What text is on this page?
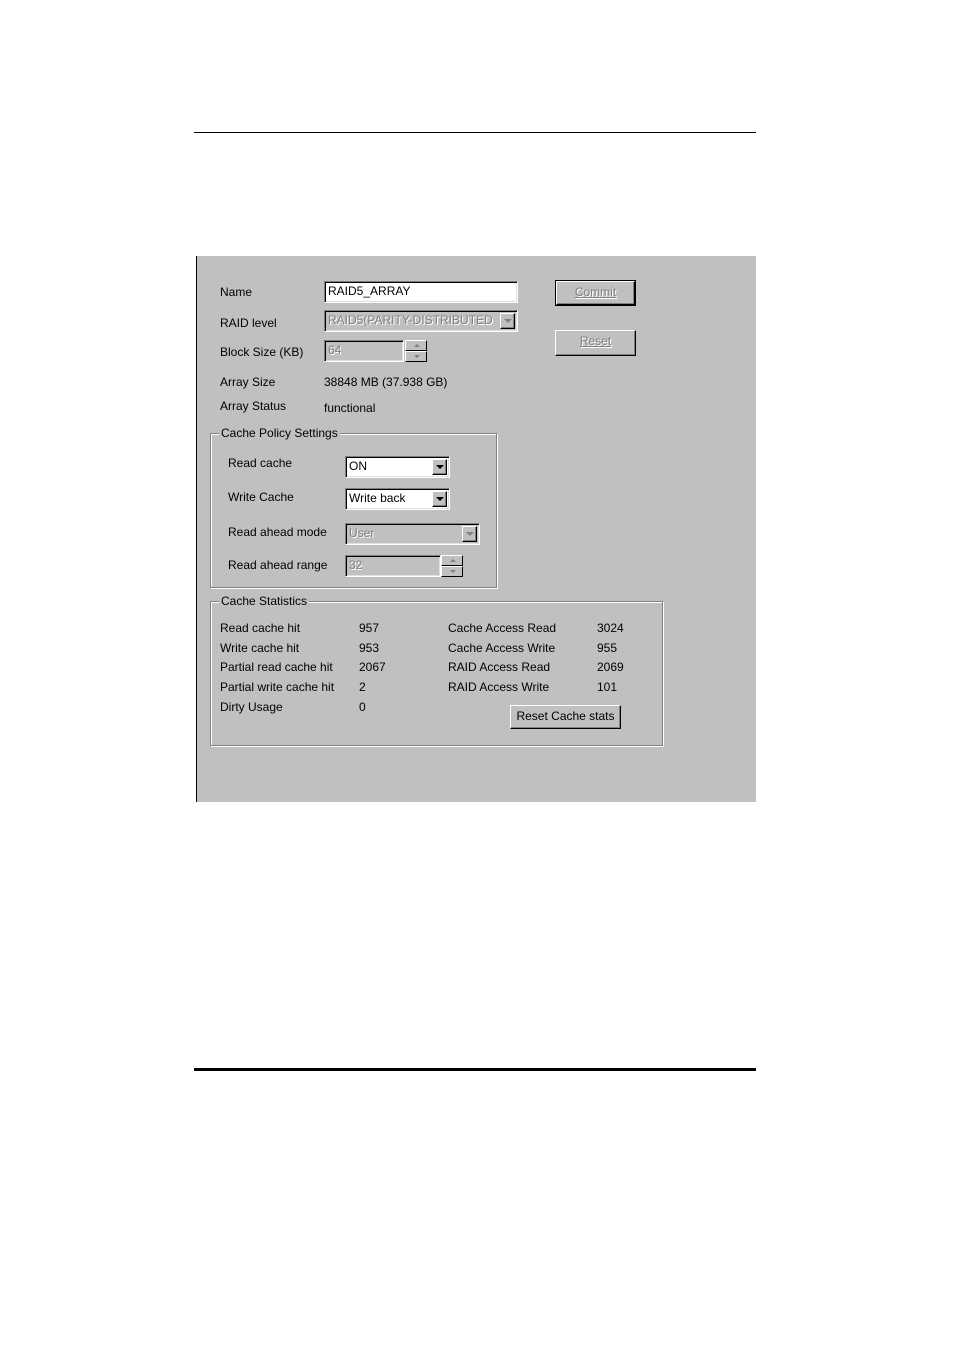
Name	RAID5_ARRAY
RAID level	RAID5(PARITY-DISTRIBUTED
Block Size (KB) 64
Array Size	38848 MB (37.938 GB)
Array Status	functional
Commit
Reset
Cache Policy Settings
Read cache	ON
Write Cache	Write back
Read ahead mode User
Read ahead range 32
Cache Statistics
Read cache hit	957
Write cache hit	953
Partial read cache hit 2067
Partial write cache hit 2
Dirty Usage	0
Cache Access Read	3024
Cache Access Write	955
RAID Access Read	2069
RAID Access Write	101
Reset Cache stats
